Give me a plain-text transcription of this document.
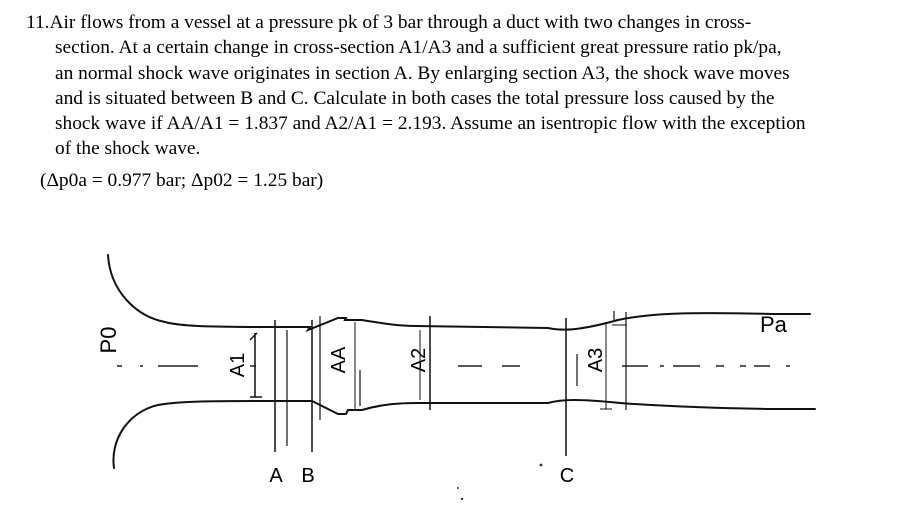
11.Air flows from a vessel at a pressure pk of 3 bar through a duct with two changes in cross-
section. At a certain change in cross-section A1/A3 and a sufficient great pressure ratio pk/pa,
an normal shock wave originates in section A. By enlarging section A3, the shock wave moves
and is situated between B and C. Calculate in both cases the total pressure loss caused by the
shock wave if AA/A1 = 1.837 and A2/A1 = 2.193. Assume an isentropic flow with the exception
of the shock wave.
(Δp0a = 0.977 bar; Δp02 = 1.25 bar)
P0
Pa
A1	AA	A2	A3
A B	C
